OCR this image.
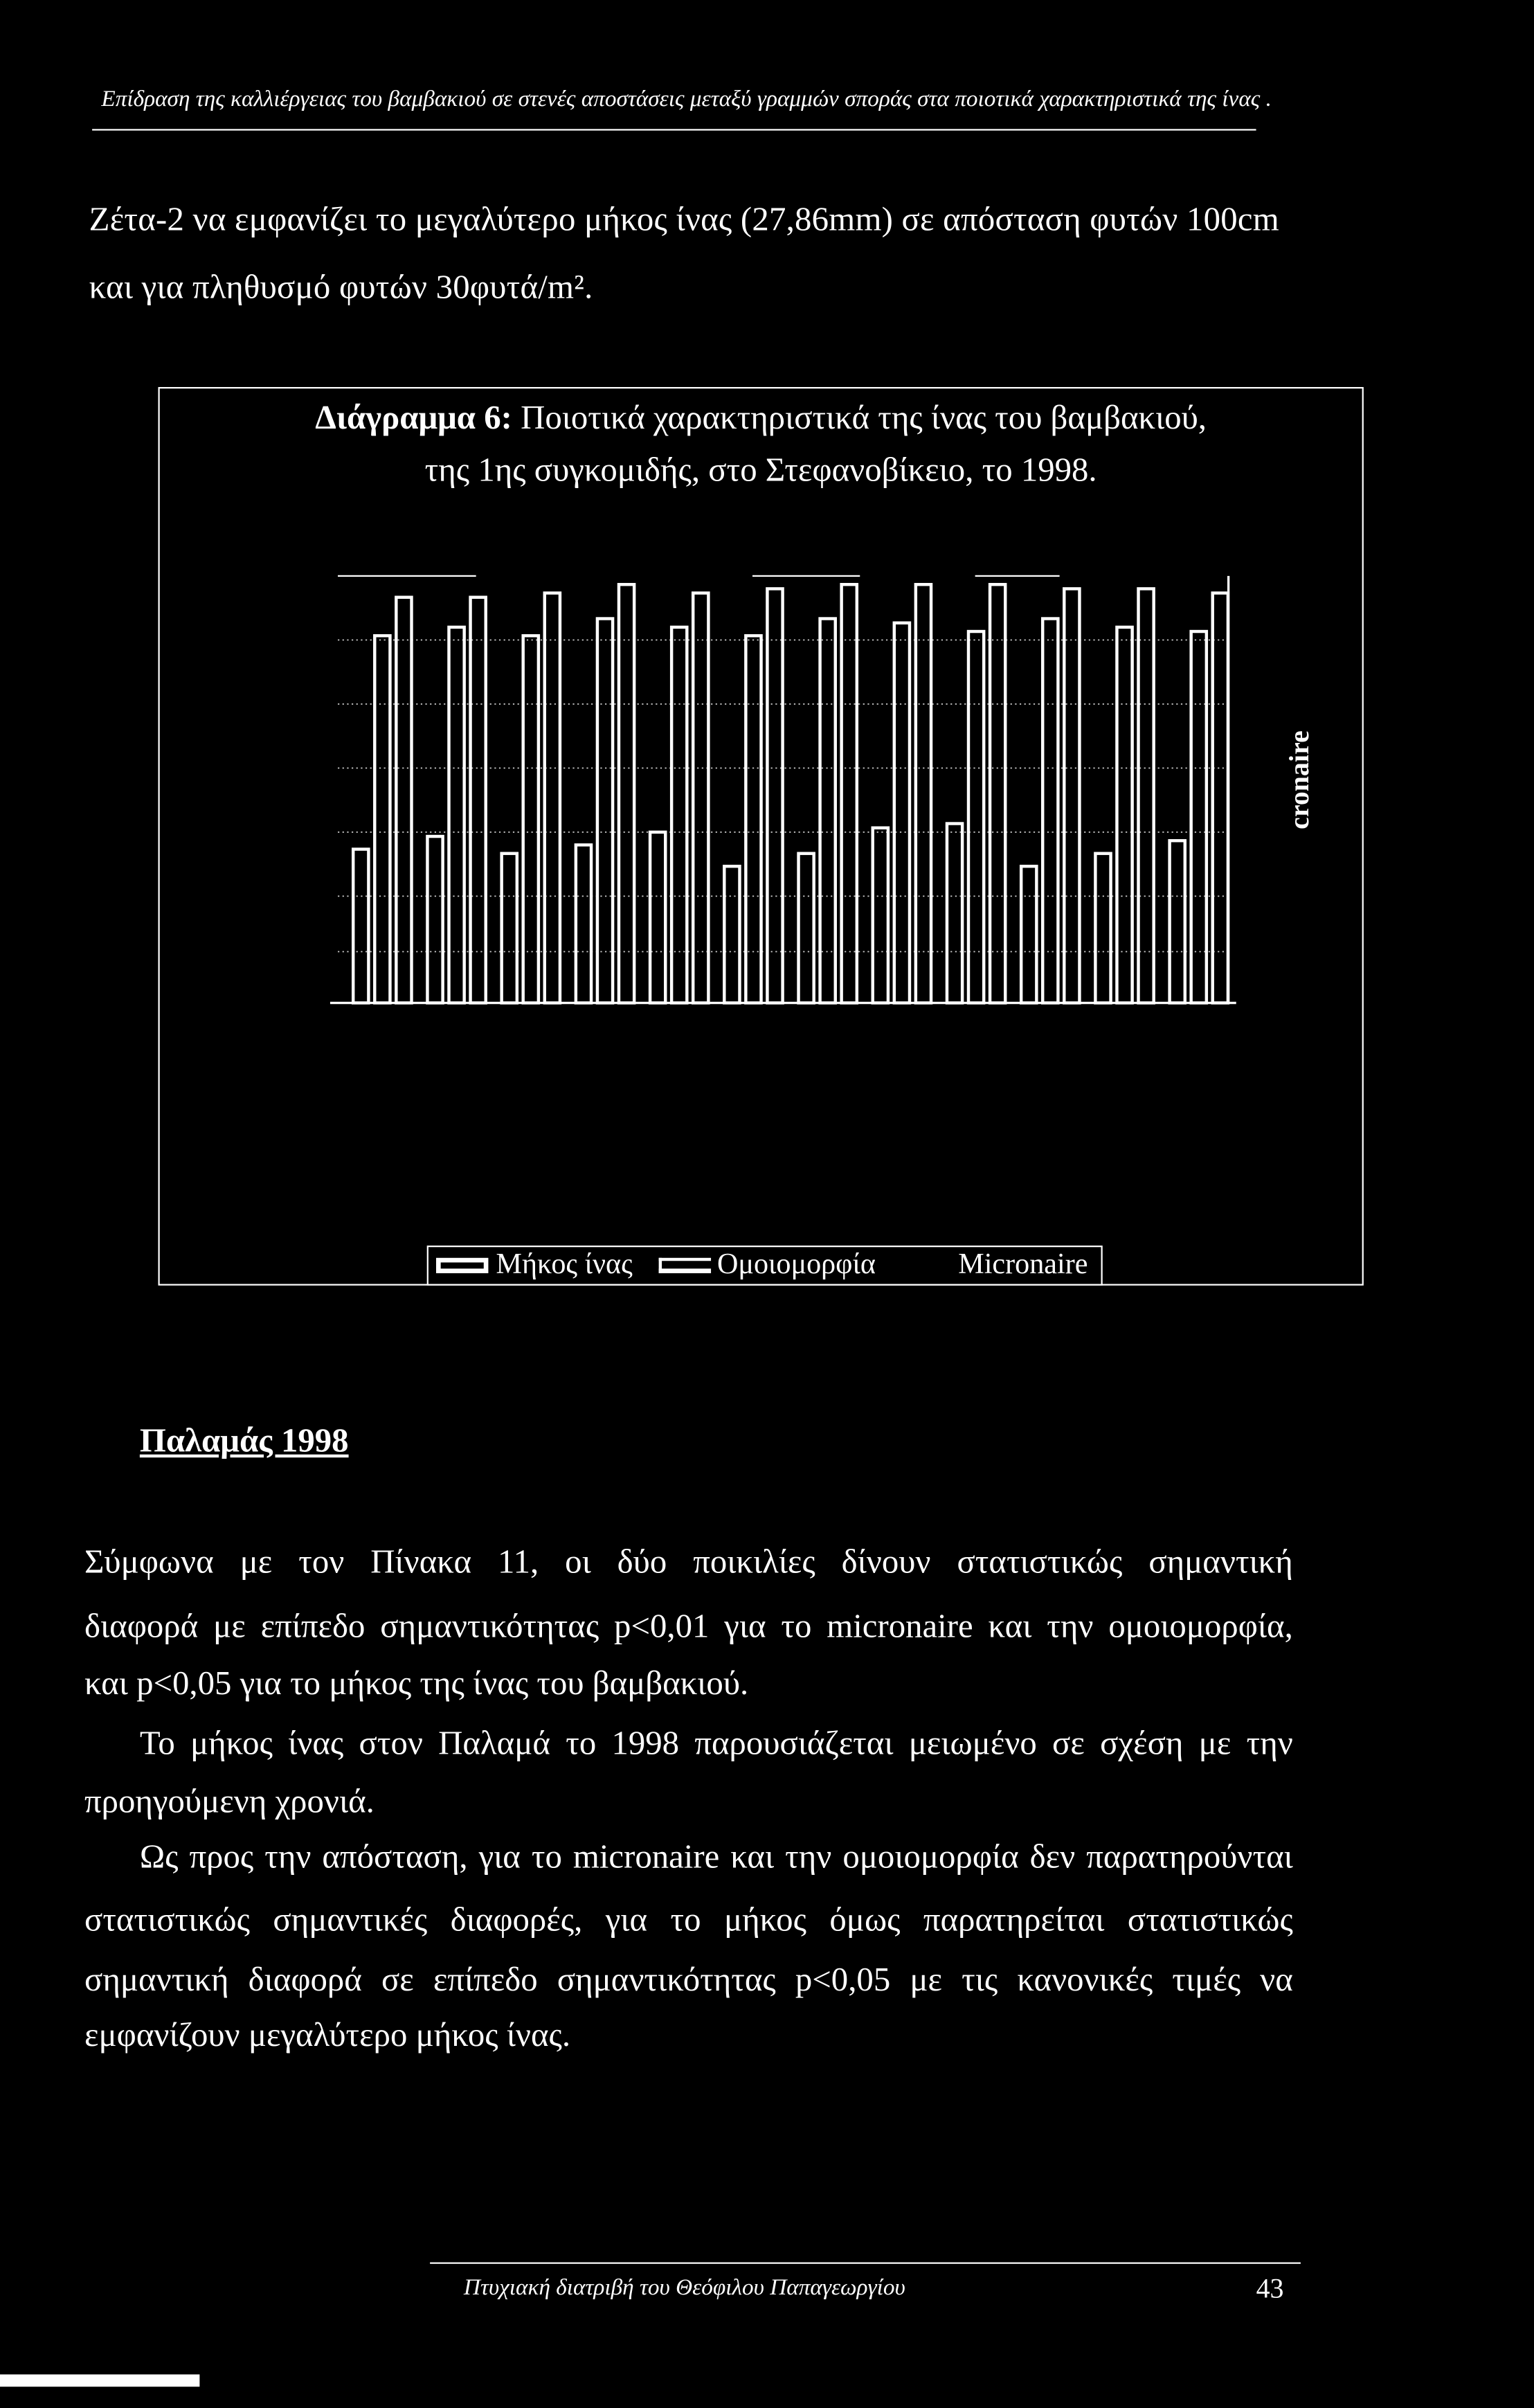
Επίδραση της καλλιέργειας του βαμβακιού σε στενές αποστάσεις μεταξύ γραμμών σποράς στα ποιοτικά χαρακτηριστικά της ίνας .
Ζέτα-2 να εμφανίζει το μεγαλύτερο μήκος ίνας (27,86mm) σε απόσταση φυτών 100cm
και για πληθυσμό φυτών 30φυτά/m².
Διάγραμμα 6: Ποιοτικά χαρακτηριστικά της ίνας του βαμβακιού,
της 1ης συγκομιδής, στο Στεφανοβίκειο, το 1998.
cronaire
Μήκος ίνας	Ομοιομορφία	Micronaire
Παλαμάς 1998
Σύμφωνα με τον Πίνακα 11, οι δύο ποικιλίες δίνουν στατιστικώς σημαντική
διαφορά με επίπεδο σημαντικότητας p<0,01 για το micronaire και την ομοιομορφία,
και p<0,05 για το μήκος της ίνας του βαμβακιού.
Το μήκος ίνας στον Παλαμά το 1998 παρουσιάζεται μειωμένο σε σχέση με την
προηγούμενη χρονιά.
Ως προς την απόσταση, για το micronaire και την ομοιομορφία δεν παρατηρούνται
στατιστικώς σημαντικές διαφορές, για το μήκος όμως παρατηρείται στατιστικώς
σημαντική διαφορά σε επίπεδο σημαντικότητας p<0,05 με τις κανονικές τιμές να
εμφανίζουν μεγαλύτερο μήκος ίνας.
Πτυχιακή διατριβή του Θεόφιλου Παπαγεωργίου	43
